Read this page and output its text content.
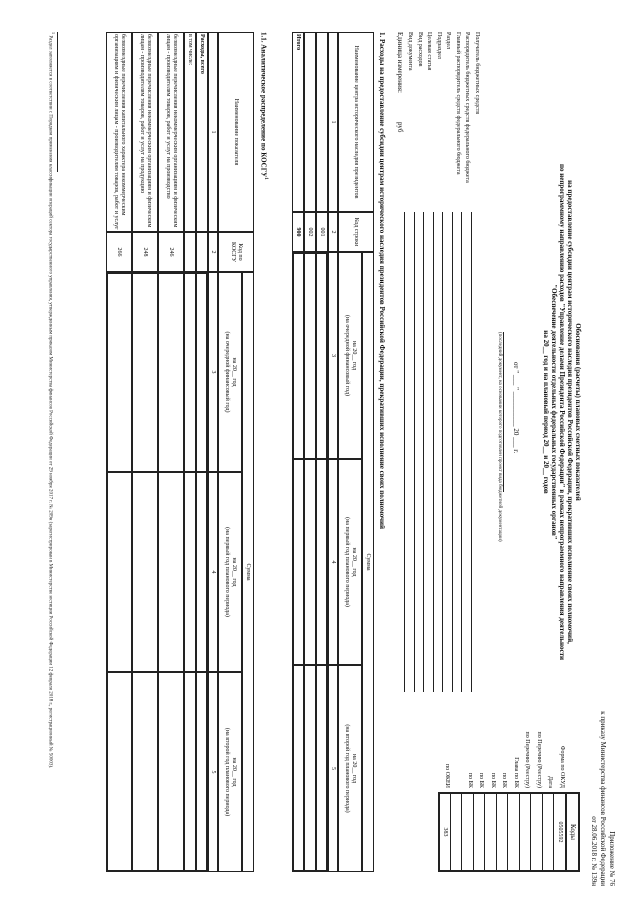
Приложение № 76
к приказу Министерства финансов Российской Федерации
от 28.06.2018 г. № 139н
Обоснования (расчеты) плановых сметных показателей
на предоставление субсидии центрам исторического наследия президентов Российской Федерации, прекративших исполнение своих полномочий,
по непрограммному направлению расходов "Управление делами Президента Российской Федерации" в рамках непрограммного направления деятельности
"Обеспечение деятельности отдельных федеральных государственных органов"
на 20__ год и на плановый период 20__ и 20__ годов
от " ___ " __________ 20 ___ г.
(последний документ, на основании которого подготовлен проект вида бюджетной документации)
Коды
Форма по ОКУД
0505592
Дата
по Перечню (Реестру)
по Перечню (Реестру)
Глава по БК
по БК
по БК
по БК
по БК
по ОКЕИ
383
Получатель бюджетных средств
Распорядитель бюджетных средств федерального бюджета
Главный распорядитель средств федерального бюджета
Раздел
Подраздел
Целевая статья
Вид расходов
Вид документа
Единица измерения:
руб
1. Расходы на предоставление субсидии центрам исторического наследия президентов Российской Федерации, прекративших исполнение своих полномочий
Наименование центра исторического наследия президентов
Код строки
Сумма
на 20__ год
(на очередной финансовый год)
на 20__ год
(на первый год планового периода)
на 20__ год
(на второй год планового периода)
1
2
3
4
5
001
002
Итого
900
1.1. Аналитическое распределение по КОСГУ$^1$
Наименование показателя
Код по КОСГУ
Сумма
на 20__ год
(на очередной финансовый год)
на 20__ год
(на первый год планового периода)
на 20__ год
(на второй год планового периода)
1
2
3
4
5
Расходы, всего
в том числе:
безвозмездные перечисления некоммерческим организациям и физическим лицам - производителям товаров, работ и услуг на производство
246
безвозмездные перечисления некоммерческим организациям и физическим лицам - производителям товаров, работ и услуг на продукцию
248
безвозмездные перечисления капитального характера некоммерческим организациям и физическим лицам - производителям товаров, работ и услуг
266
$^1$ Раздел заполняется в соответствии с Порядком применения классификации операций сектора государственного управления, утвержденным приказом Министерства финансов Российской Федерации от 29 ноября 2017 г. № 209н (зарегистрирован в Министерстве юстиции Российской Федерации 12 февраля 2018 г., регистрационный № 50003).
